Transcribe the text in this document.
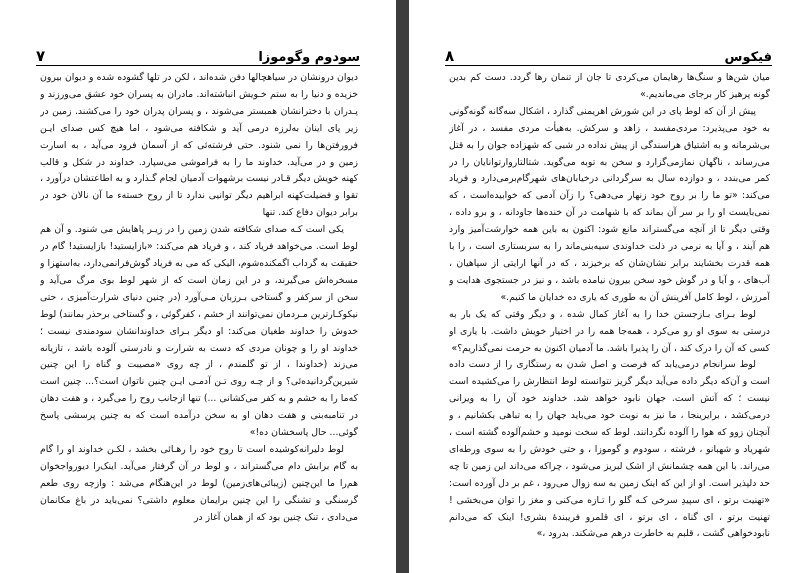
۷	سودوم وگوموزا

دیوان درونشان در سیاهچالها دفن شده‌اند ، لکن در تلها گشوده شده و دیوان بیرون خزیده و دنیا را به ستم خـویش انباشته‌اند. مادران به پسران خود عشق می‌ورزند و پـدران با دخترانشان همبستر می‌شوند ، و پسران پدران خود را می‌کشند. زمین در زیر پای اینان به‌لرزه درمی آید و شکافته می‌شود ، اما هیچ کس صدای ایـن فرورفتن‌ها را نمی شنود. حتی فرشته‌ئی که از آسمان فرود می‌آید ، به اسارت زمین و در می‌آید. خداوند ما را به فراموشی می‌سپارد. خداوند در شکل و قالب کهنه خویش دیگر قـادر نیست برشهوات آدمیان لجام گـذارد و به اطاعتشان درآورد ، تقوا و فضیلت‌کهنه ابراهیم دیگر توانیی ندارد تا از روح خستهء ما آن نالان خود در برابر دیوان دفاع کند. تنها

یکی است کـه صدای شکافته شدن زمین را در زیـر پاهایش می شنود. و آن هم لوط است. می‌خواهد فریاد کند ، و فریاد هم می‌کند: «بازایستید! بازایستید! گام در حقیقت به گرداب اگمکنده‌شوم، الیکی‌ که می به فریاد گوش‌فرانمی‌دارد، به‌استهزا و مسخره‌اش می‌گیرند، و در این زمان است که از شهر لوط بوی مرگ می‌آید و سخن از سرکفر و گستاخی بـرزبان مـی‌آورد (در چنین دنیای شرارت‌آمیزی ، حتی نیکوکـارترین مـردمان نمی‌توانند از خشم ، کفرگوئی ، و گستاخی برحذر بمانند) لوط خدوش را خداوند طغیان می‌کند: او دیگر بـرای خداوندانشان سودمندی نیست ؛ خداوند او را و چونان مردی که دست به شرارت و نادرستی آلوده باشد ، تازیانه می‌زند (خداوندا ، از تو گلمندم ، از چه روی «مصیبت و گناه را این چنین شیرین‌گردانیده‌ئی؟ و از چـه روی تـن آدمـی ایـن چنین ناتوان است؟... چنین است که‌ما را به خشم و به کفر می‌کشانی ...) تنها ازجانب روح را می‌گیرد ، و هفت دهان در تنامبه‌بنی و هفت دهان او به سخن درآمده است که به چنین پرسشی پاسخ گوئی... حال پاسخشان ده!»

لوط دلیرانه‌کوشیده است تا روح خود را رهـائی بخشد ، لکـن خداوند او را گام به گام برابش دام می‌گستراند ، و لوط در آن گرفتار می‌آید. اینک‌را دیورواجخوان هم‌را ما این‌چنین (زیبائی‌های‌زمین) لوط در این‌هنگام می‌شد : وازچه روی طعم گرسنگی و تشنگی را این چنین برایمان معلوم داشتی؟ نمی‌باید در باغ مکانمان می‌دادی ، تنک چنین بود که از همان آغاز در

۸	فیکوس

میان شن‌ها و سنگ‌ها رهایمان می‌کردی تا جان از تنمان رها گردد. دست کم بدین گونه پرهیز کار برجای می‌ماندیم.»

پیش از آن که لوط پای در این شورش اهریمنی گذارد ، اشکال سه‌گانه گونه‌گونی به خود می‌پذیرد: مردی‌مفسد ، زاهد و سرکش. به‌هیأت مردی مفسد ، در آغاز بی‌شرمانه و به اشتیاق هراسندگی از پیش نداده در شبی که شهزاده جوان را به قتل می‌رساند ، ناگهان نمازمی‌گزارد و سخن به توبه می‌گوید. شتالتاروارتوانایان را در کمر می‌بندد ، و دوازده سال به سرگردانی درخیابان‌های شهرگام‌برمی‌دارد و فریاد می‌کند: «تو ما را بر روح خود زنهار می‌دهی؟ را زآن آدمی که خوابیده‌است ، که نمی‌بایست او را بر سر آن بماند که با شهامت در آن خنده‌ها جاودانه ، و برو داده ، وقتی دیگر تا از آنچه می‌گستراند مانع شود: اکنون به باین همه خوارشت‌آمیز وارد هم آیند ، و آیا به نرمی در ذلت خداوندی سیه‌بنی‌ماند را به سربستاری است ، را با همه قدرت بخشایند برابر نشان‌شان که برخیزند ، که در آنها ارایتی از سپاهیان ، آب‌های ، و آیا و در گوش خود سخن بیرون نیامده باشد ، و نیز در جستجوی هدایت و آمرزش ، لوط کامل آفرینش آن به طوری که یاری ده خدایان ما کنیم.»

لوط بـرای بـازجستن خدا را به آغاز کمال شده ، و دیگر وقتی که یک بار به درستی به سوی او رو می‌کرد ، همه‌جا همه را در اختیار خویش داشت. با یاری او کسی که آن را درک کند ، آن را پذیرا باشد. ما آدمیان اکنون به حرمت نمی‌گذاریم؟»

لوط سرانجام درمی‌یابد که فرصت و اصل شدن به رستگاری را از دست داده است و آن‌که دیگر داده می‌آید دیگر گریز نتوانسته لوط انتظارش را می‌کشیده است نیست ؛ که آتش است. جهان نابود خواهد شد. خداوند خود آن را به ویرانی درمی‌کشد ، برایرینجا ، ما نیز به نوبت خود می‌باید جهان را به تباهی بکشانیم ، و آنچنان زوو که هوا را آلوده نگردانند. لوط که سخت نومید و خشم‌آلوده گشته است ، شهریاد و شهبانو ، فرشته ، سودوم و گوموزا ، و حتی خودش را به سوی ورطه‌ای می‌راند. با این همه چشمانش از اشک لبریز می‌شود ، چراکه می‌داند این زمین تا چه حد دلپذیر است. او از این که اینک زمین به سه زوال می‌رود ، غم بر دل آورده است: «تهنیت برتو ، ای سپیدِ سرخی کـه گلو را تـازه می‌کنی و مغز را توان می‌بخشی ! تهنیت برتو ، ای گناه ، ای برتو ، ای قلمرو فریبندهٔ بشری! اینک که می‌دانم نابودخواهی گشت ، قلبم به خاطرت درهم می‌شکند. بدرود ،»
